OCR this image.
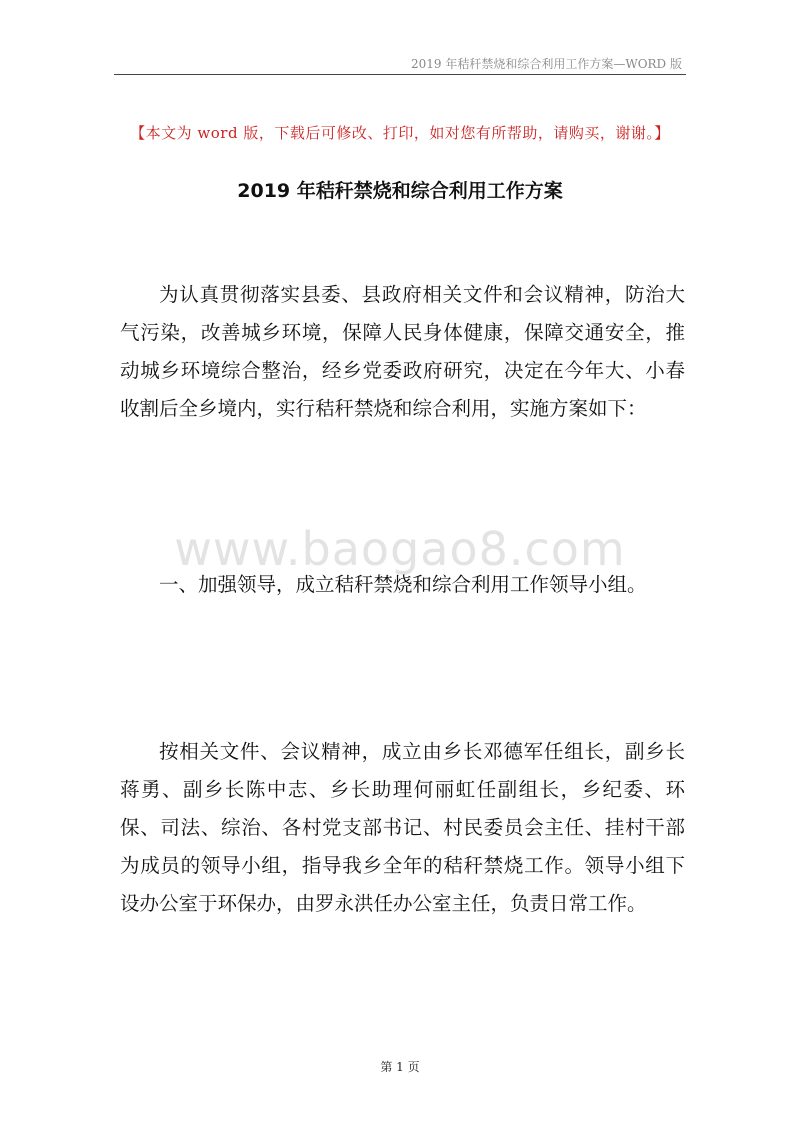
2019 年秸秆禁烧和综合利用工作方案—WORD 版
【本文为 word 版，下载后可修改、打印，如对您有所帮助，请购买，谢谢。】
2019 年秸秆禁烧和综合利用工作方案

为认真贯彻落实县委、县政府相关文件和会议精神，防治大气污染，改善城乡环境，保障人民身体健康，保障交通安全，推动城乡环境综合整治，经乡党委政府研究，决定在今年大、小春收割后全乡境内，实行秸秆禁烧和综合利用，实施方案如下：

www.baogao8.com

一、加强领导，成立秸秆禁烧和综合利用工作领导小组。

按相关文件、会议精神，成立由乡长邓德军任组长，副乡长蒋勇、副乡长陈中志、乡长助理何丽虹任副组长，乡纪委、环保、司法、综治、各村党支部书记、村民委员会主任、挂村干部为成员的领导小组，指导我乡全年的秸秆禁烧工作。领导小组下设办公室于环保办，由罗永洪任办公室主任，负责日常工作。

第 1 页
